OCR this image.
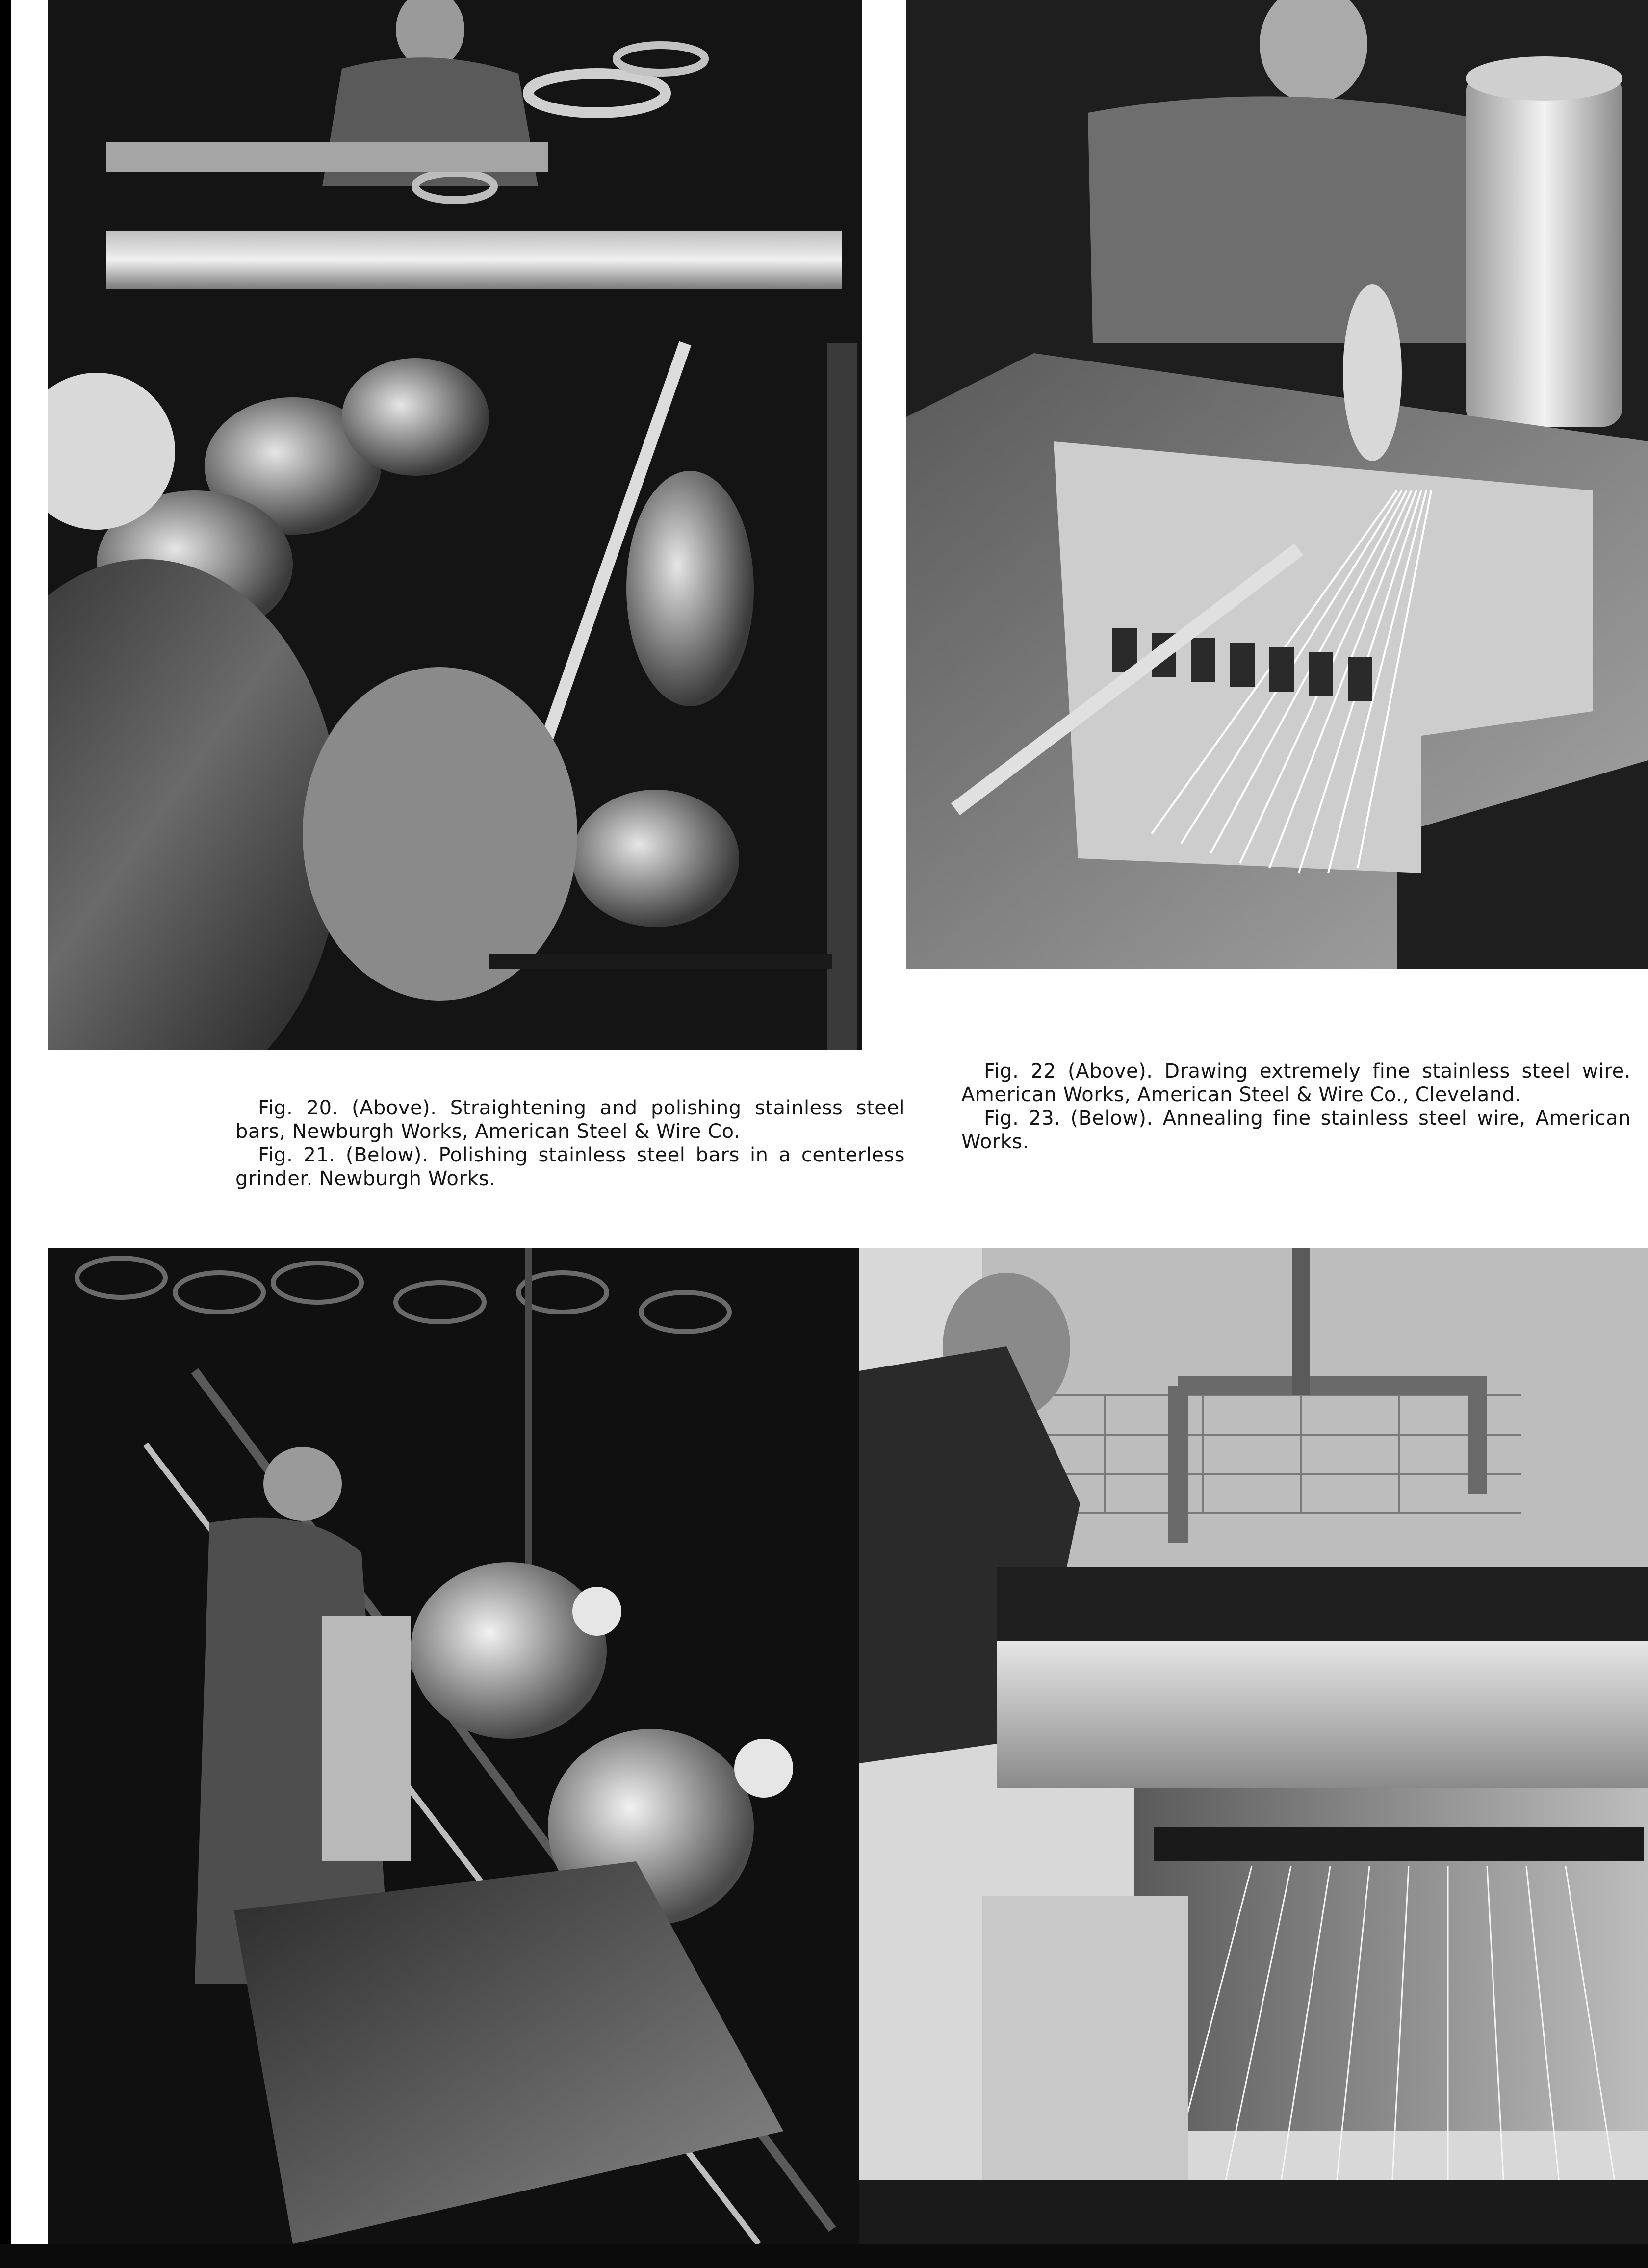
Fig. 20. (Above). Straightening and polishing stainless steel bars, Newburgh Works, American Steel & Wire Co.

Fig. 21. (Below). Polishing stainless steel bars in a centerless grinder. Newburgh Works.

Fig. 22 (Above). Drawing extremely fine stainless steel wire. American Works, American Steel & Wire Co., Cleveland.

Fig. 23. (Below). Annealing fine stainless steel wire, American Works.
